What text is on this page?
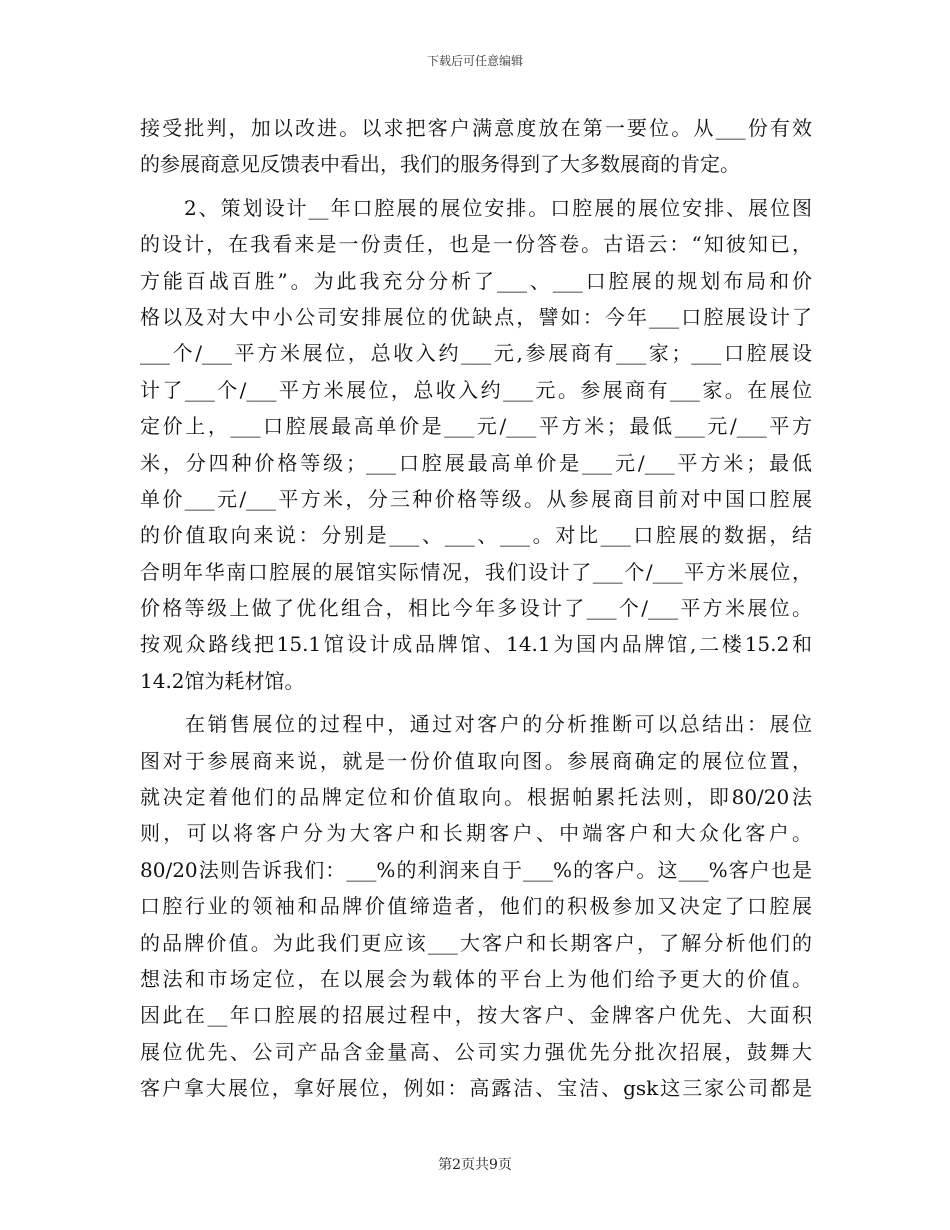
下载后可任意编辑
接受批判，加以改进。以求把客户满意度放在第一要位。从___份有效
的参展商意见反馈表中看出，我们的服务得到了大多数展商的肯定。
　　2、策划设计__年口腔展的展位安排。口腔展的展位安排、展位图
的设计，在我看来是一份责任，也是一份答卷。古语云：“知彼知已，
方能百战百胜”。为此我充分分析了___、___口腔展的规划布局和价
格以及对大中小公司安排展位的优缺点，譬如：今年___口腔展设计了
___个/___平方米展位，总收入约___元,参展商有___家；___口腔展设
计了___个/___平方米展位，总收入约___元。参展商有___家。在展位
定价上，___口腔展最高单价是___元/___平方米；最低___元/___平方
米，分四种价格等级；___口腔展最高单价是___元/___平方米；最低
单价___元/___平方米，分三种价格等级。从参展商目前对中国口腔展
的价值取向来说：分别是___、___、___。对比___口腔展的数据，结
合明年华南口腔展的展馆实际情况，我们设计了___个/___平方米展位，
价格等级上做了优化组合，相比今年多设计了___个/___平方米展位。
按观众路线把15.1馆设计成品牌馆、14.1为国内品牌馆,二楼15.2和
14.2馆为耗材馆。
　　在销售展位的过程中，通过对客户的分析推断可以总结出：展位
图对于参展商来说，就是一份价值取向图。参展商确定的展位位置，
就决定着他们的品牌定位和价值取向。根据帕累托法则，即80/20法
则，可以将客户分为大客户和长期客户、中端客户和大众化客户。
80/20法则告诉我们：___%的利润来自于___%的客户。这___%客户也是
口腔行业的领袖和品牌价值缔造者，他们的积极参加又决定了口腔展
的品牌价值。为此我们更应该___大客户和长期客户，了解分析他们的
想法和市场定位，在以展会为载体的平台上为他们给予更大的价值。
因此在__年口腔展的招展过程中，按大客户、金牌客户优先、大面积
展位优先、公司产品含金量高、公司实力强优先分批次招展，鼓舞大
客户拿大展位，拿好展位，例如：高露洁、宝洁、gsk这三家公司都是
第2页共9页
